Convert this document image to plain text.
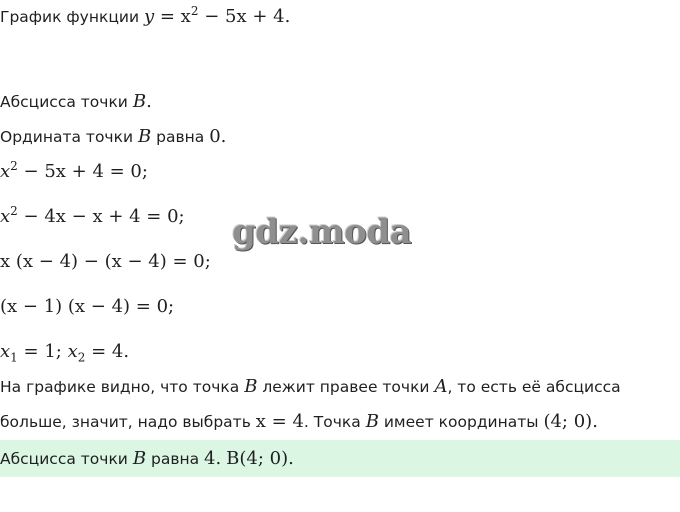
График функции $y = x^2 - 5x + 4$.
Абсцисса точки B.
Ордината точки B равна 0.
$x^2 - 5x + 4 = 0$;
$x^2 - 4x - x + 4 = 0$;
x (x − 4) − (x − 4) = 0;
(x − 1) (x − 4) = 0;
$x_1 = 1$; $x_2 = 4$.
На графике видно, что точка B лежит правее точки A, то есть её абсцисса
больше, значит, надо выбрать x = 4. Точка B имеет координаты (4; 0).
Абсцисса точки B равна 4. B(4; 0).
gdz.moda
